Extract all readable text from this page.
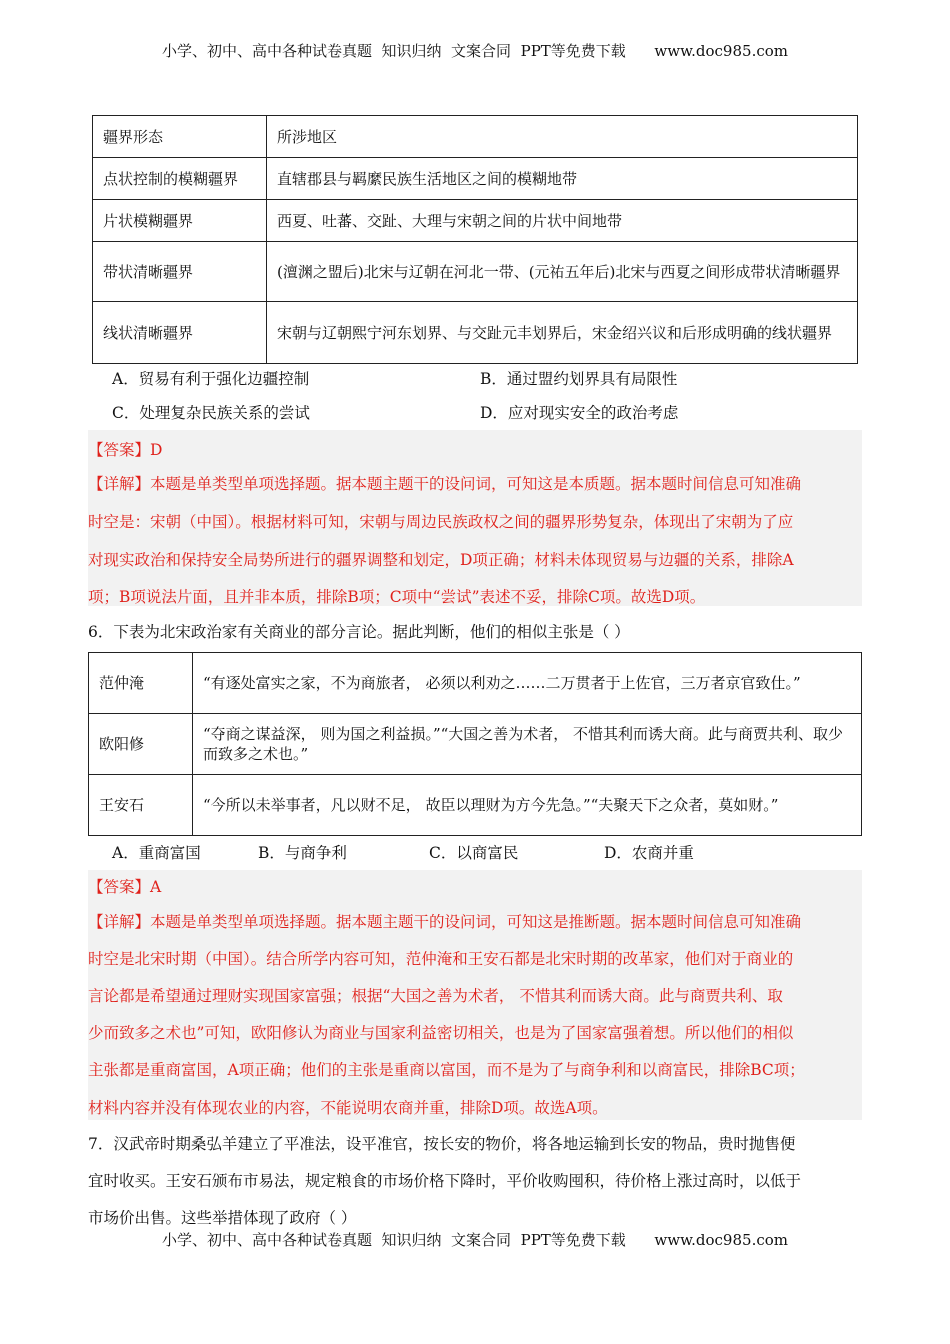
小学、初中、高中各种试卷真题  知识归纳  文案合同  PPT等免费下载      www.doc985.com
疆界形态	所涉地区
点状控制的模糊疆界	直辖郡县与羁縻民族生活地区之间的模糊地带
片状模糊疆界	西夏、吐蕃、交趾、大理与宋朝之间的片状中间地带
带状清晰疆界	(澶渊之盟后)北宋与辽朝在河北一带、(元祐五年后)北宋与西夏之间形成带状清晰疆界
线状清晰疆界	宋朝与辽朝熙宁河东划界、与交趾元丰划界后，宋金绍兴议和后形成明确的线状疆界
A．贸易有利于强化边疆控制	B．通过盟约划界具有局限性
C．处理复杂民族关系的尝试	D．应对现实安全的政治考虑
【答案】D
【详解】本题是单类型单项选择题。据本题主题干的设问词，可知这是本质题。据本题时间信息可知准确
时空是：宋朝（中国）。根据材料可知，宋朝与周边民族政权之间的疆界形势复杂，体现出了宋朝为了应
对现实政治和保持安全局势所进行的疆界调整和划定，D项正确；材料未体现贸易与边疆的关系，排除A
项；B项说法片面，且并非本质，排除B项；C项中“尝试”表述不妥，排除C项。故选D项。
6．下表为北宋政治家有关商业的部分言论。据此判断，他们的相似主张是（ ）
范仲淹	“有逐处富实之家，不为商旅者， 必须以利劝之……二万贯者于上佐官，三万者京官致仕。”
欧阳修	“夺商之谋益深， 则为国之利益损。”“大国之善为术者， 不惜其利而诱大商。此与商贾共利、取少而致多之术也。”
王安石	“今所以未举事者，凡以财不足， 故臣以理财为方今先急。”“夫聚天下之众者，莫如财。”
A．重商富国	B．与商争利	C．以商富民	D．农商并重
【答案】A
【详解】本题是单类型单项选择题。据本题主题干的设问词，可知这是推断题。据本题时间信息可知准确
时空是北宋时期（中国）。结合所学内容可知，范仲淹和王安石都是北宋时期的改革家，他们对于商业的
言论都是希望通过理财实现国家富强；根据“大国之善为术者， 不惜其利而诱大商。此与商贾共利、取
少而致多之术也”可知，欧阳修认为商业与国家利益密切相关，也是为了国家富强着想。所以他们的相似
主张都是重商富国，A项正确；他们的主张是重商以富国，而不是为了与商争利和以商富民，排除BC项；
材料内容并没有体现农业的内容，不能说明农商并重，排除D项。故选A项。
7．汉武帝时期桑弘羊建立了平准法，设平准官，按长安的物价，将各地运输到长安的物品，贵时抛售便
宜时收买。王安石颁布市易法，规定粮食的市场价格下降时，平价收购囤积，待价格上涨过高时，以低于
市场价出售。这些举措体现了政府（ ）
小学、初中、高中各种试卷真题  知识归纳  文案合同  PPT等免费下载      www.doc985.com
